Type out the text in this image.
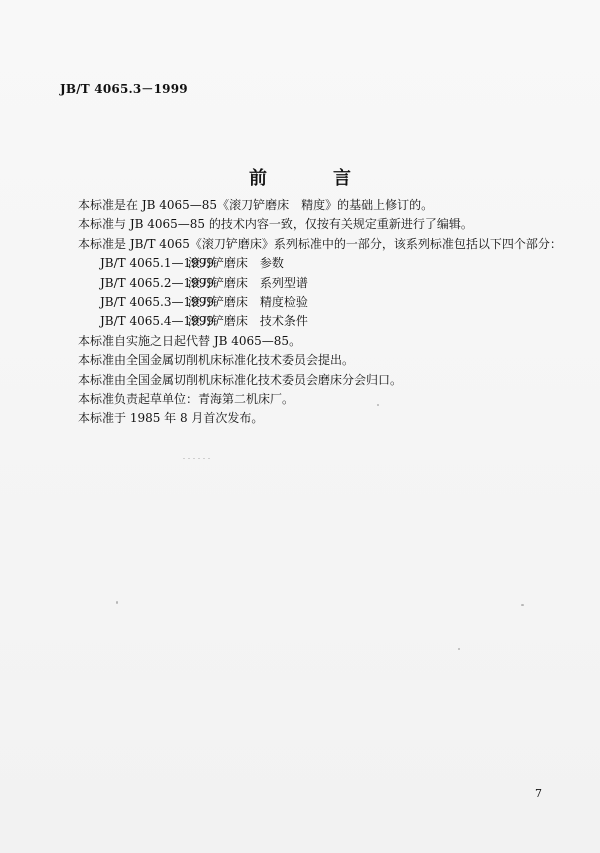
JB/T 4065.3－1999
前　言
本标准是在 JB 4065—85《滚刀铲磨床　精度》的基础上修订的。
本标准与 JB 4065—85 的技术内容一致，仅按有关规定重新进行了编辑。
本标准是 JB/T 4065《滚刀铲磨床》系列标准中的一部分，该系列标准包括以下四个部分：
JB/T 4065.1—1999 滚刀铲磨床　参数
JB/T 4065.2—1999 滚刀铲磨床　系列型谱
JB/T 4065.3—1999 滚刀铲磨床　精度检验
JB/T 4065.4—1999 滚刀铲磨床　技术条件
本标准自实施之日起代替 JB 4065—85。
本标准由全国金属切削机床标准化技术委员会提出。
本标准由全国金属切削机床标准化技术委员会磨床分会归口。
本标准负责起草单位：青海第二机床厂。
本标准于 1985 年 8 月首次发布。
7
